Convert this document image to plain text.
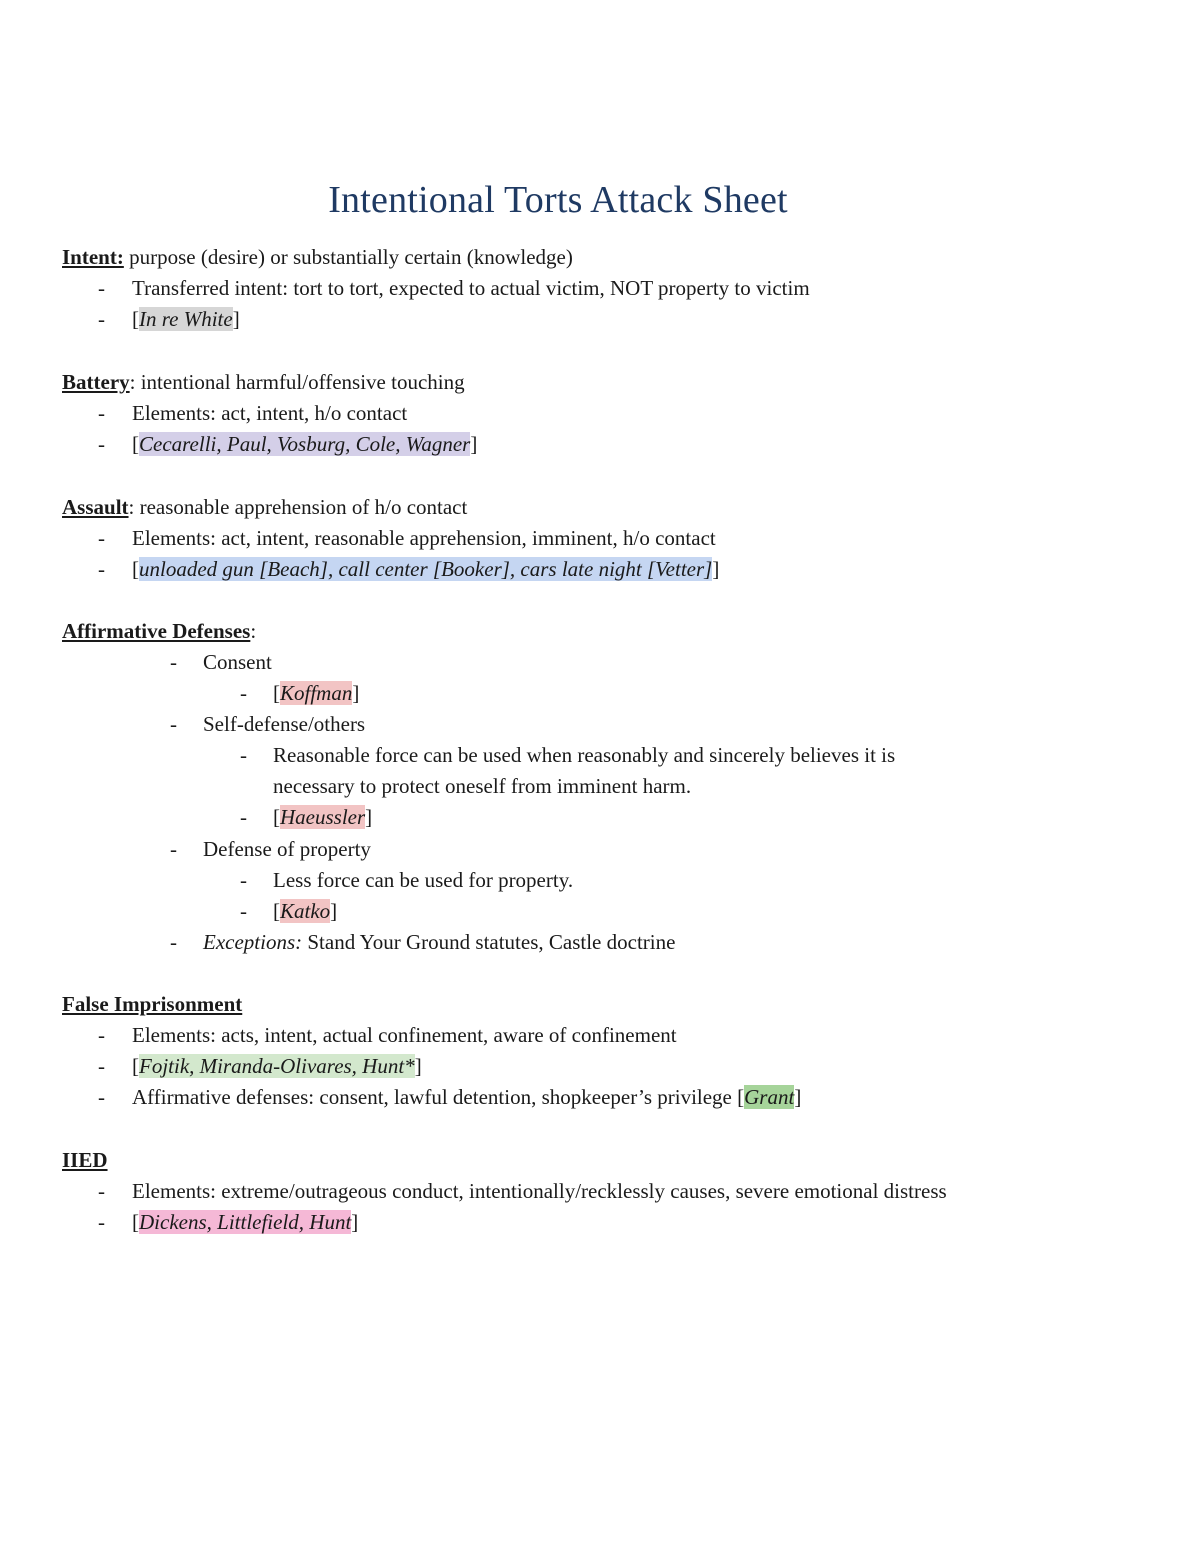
Intentional Torts Attack Sheet
Intent: purpose (desire) or substantially certain (knowledge)
- Transferred intent: tort to tort, expected to actual victim, NOT property to victim
- [In re White]
Battery: intentional harmful/offensive touching
- Elements: act, intent, h/o contact
- [Cecarelli, Paul, Vosburg, Cole, Wagner]
Assault: reasonable apprehension of h/o contact
- Elements: act, intent, reasonable apprehension, imminent, h/o contact
- [unloaded gun [Beach], call center [Booker], cars late night [Vetter]]
Affirmative Defenses:
- Consent
- [Koffman]
- Self-defense/others
- Reasonable force can be used when reasonably and sincerely believes it is
necessary to protect oneself from imminent harm.
- [Haeussler]
- Defense of property
- Less force can be used for property.
- [Katko]
- Exceptions: Stand Your Ground statutes, Castle doctrine
False Imprisonment
- Elements: acts, intent, actual confinement, aware of confinement
- [Fojtik, Miranda-Olivares, Hunt*]
- Affirmative defenses: consent, lawful detention, shopkeeper’s privilege [Grant]
IIED
- Elements: extreme/outrageous conduct, intentionally/recklessly causes, severe emotional distress
- [Dickens, Littlefield, Hunt]
